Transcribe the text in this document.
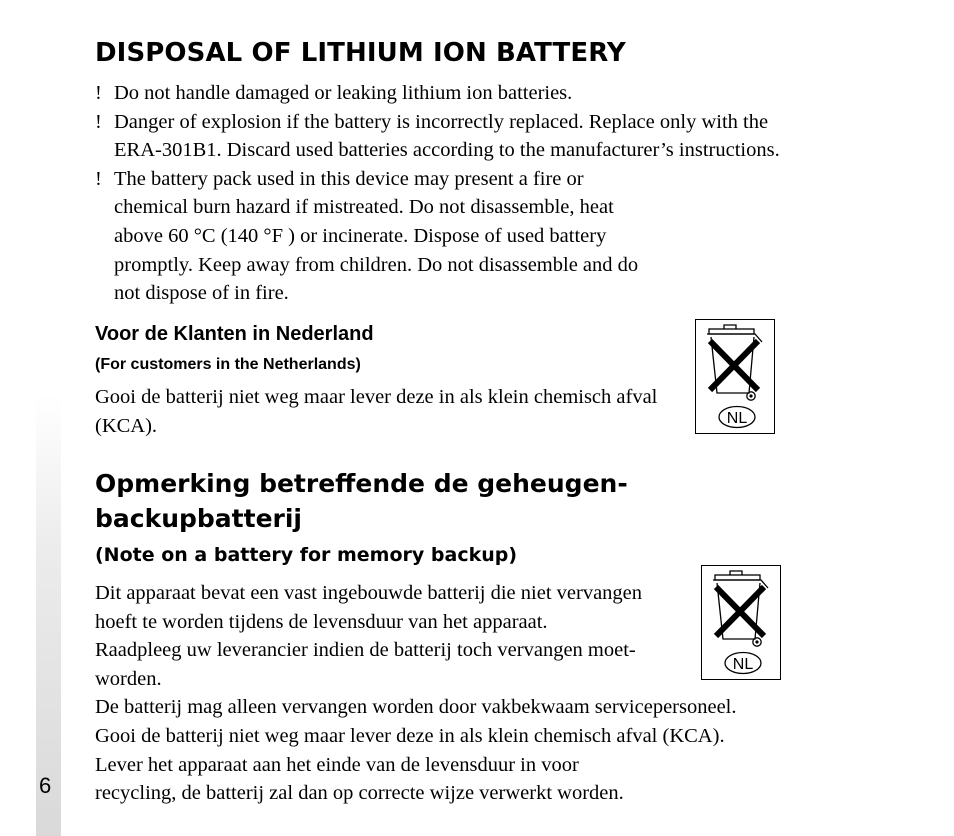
6
DISPOSAL OF LITHIUM ION BATTERY
! Do not handle damaged or leaking lithium ion batteries.
! Danger of explosion if the battery is incorrectly replaced. Replace only with the ERA-301B1. Discard used batteries according to the manufacturer’s instructions.
! The battery pack used in this device may present a fire or chemical burn hazard if mistreated. Do not disassemble, heat above 60 °C (140 °F ) or incinerate. Dispose of used battery promptly. Keep away from children. Do not disassemble and do not dispose of in fire.
Voor de Klanten in Nederland
(For customers in the Netherlands)

Gooi de batterij niet weg maar lever deze in als klein chemisch afval (KCA).	NL
Opmerking betreffende de geheugen-
backupbatterij
(Note on a battery for memory backup)

Dit apparaat bevat een vast ingebouwde batterij die niet vervangen

hoeft te worden tijdens de levensduur van het apparaat.

Raadpleeg uw leverancier indien de batterij toch vervangen moet-

worden.

De batterij mag alleen vervangen worden door vakbekwaam servicepersoneel.

Gooi de batterij niet weg maar lever deze in als klein chemisch afval (KCA).

Lever het apparaat aan het einde van de levensduur in voor

recycling, de batterij zal dan op correcte wijze verwerkt worden.

NL
